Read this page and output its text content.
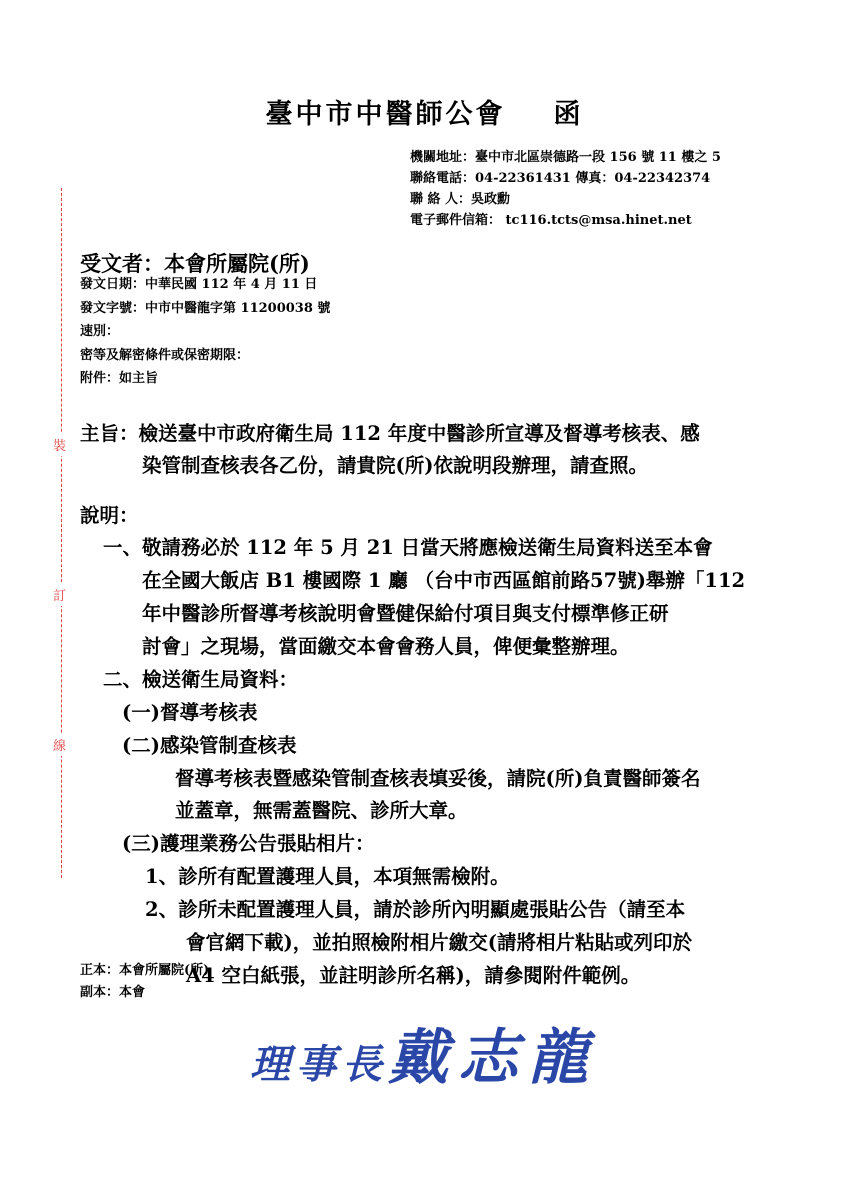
臺中市中醫師公會 函
機關地址：臺中市北區崇德路一段 156 號 11 樓之 5
聯絡電話：04-22361431 傳真：04-22342374
聯 絡 人：吳政勳
電子郵件信箱： tc116.tcts@msa.hinet.net
裝
訂
線
受文者：本會所屬院(所)
發文日期：中華民國 112 年 4 月 11 日
發文字號：中市中醫龍字第 11200038 號
速別：
密等及解密條件或保密期限：
附件：如主旨
主旨：檢送臺中市政府衛生局 112 年度中醫診所宣導及督導考核表、感
染管制查核表各乙份，請貴院(所)依說明段辦理，請查照。
說明：
一、敬請務必於 112 年 5 月 21 日當天將應檢送衛生局資料送至本會
在全國大飯店 B1 樓國際 1 廳 （台中市西區館前路57號)舉辦「112
年中醫診所督導考核說明會暨健保給付項目與支付標準修正研
討會」之現場，當面繳交本會會務人員，俾便彙整辦理。
二、檢送衛生局資料：
(一)督導考核表
(二)感染管制查核表
督導考核表暨感染管制查核表填妥後，請院(所)負責醫師簽名
並蓋章，無需蓋醫院、診所大章。
(三)護理業務公告張貼相片：
1、診所有配置護理人員，本項無需檢附。
2、診所未配置護理人員，請於診所內明顯處張貼公告（請至本
會官網下載)，並拍照檢附相片繳交(請將相片粘貼或列印於
A4 空白紙張，並註明診所名稱)，請參閱附件範例。
正本：本會所屬院(所)
副本：本會
理事長戴志龍
